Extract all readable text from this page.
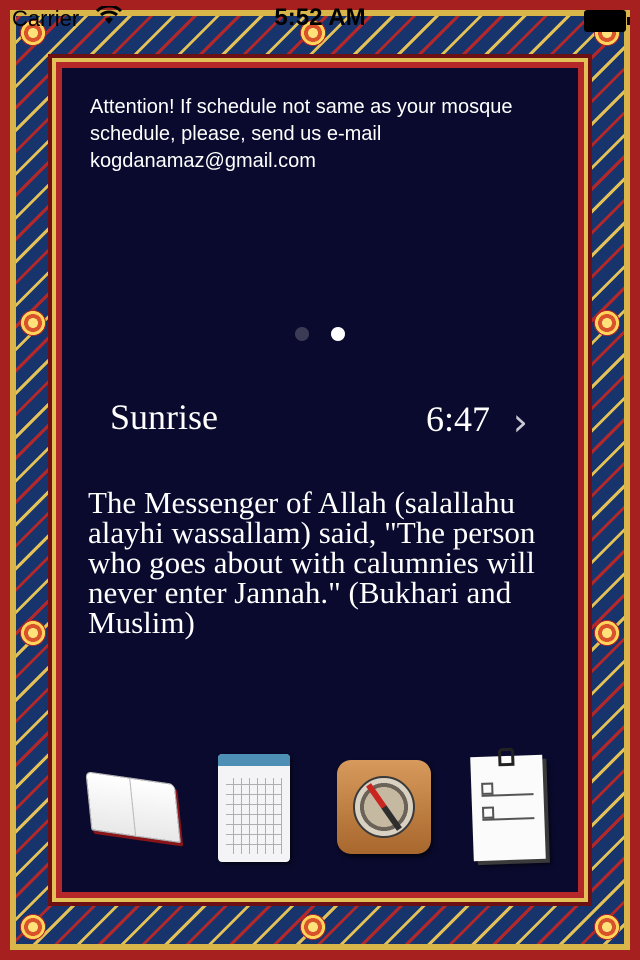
Carrier	5:52 AM
Attention! If schedule not same as your mosque schedule, please, send us e-mail kogdanamaz@gmail.com

Sunrise	6:47 ›
The Messenger of Allah (salallahu alayhi wassallam) said, "The person who goes about with calumnies will never enter Jannah." (Bukhari and Muslim)
